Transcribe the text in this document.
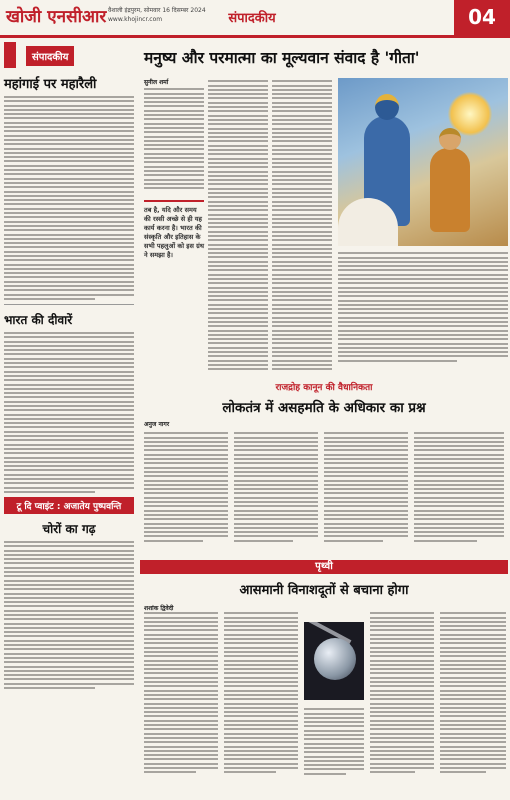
खोजी एनसीआर वैशाली इंद्रपुरम, सोमवार 16 दिसम्बर 2024
www.khojincr.com	संपादकीय	04
संपादकीय
महांगाई पर महारैली
भारत की दीवारें
टू दि प्वाइंट : अजातेय पुष्पवन्ति
चोरों का गढ़
मनुष्य और परमात्मा का मूल्यवान संवाद है 'गीता'
सुनील शर्मा
तब है, यदि और समय की रस्सी अच्छे से ही यह कार्य करना है। भारत की संस्कृति और इतिहास के सभी पहलुओं को इस ग्रंथ ने समझा है।
राजद्रोह कानून की वैधानिकता
लोकतंत्र में असहमति के अधिकार का प्रश्न
अनुज नागर
पृथ्वी
आसमानी विनाशदूतों से बचाना होगा
शशांक द्विवेदी
